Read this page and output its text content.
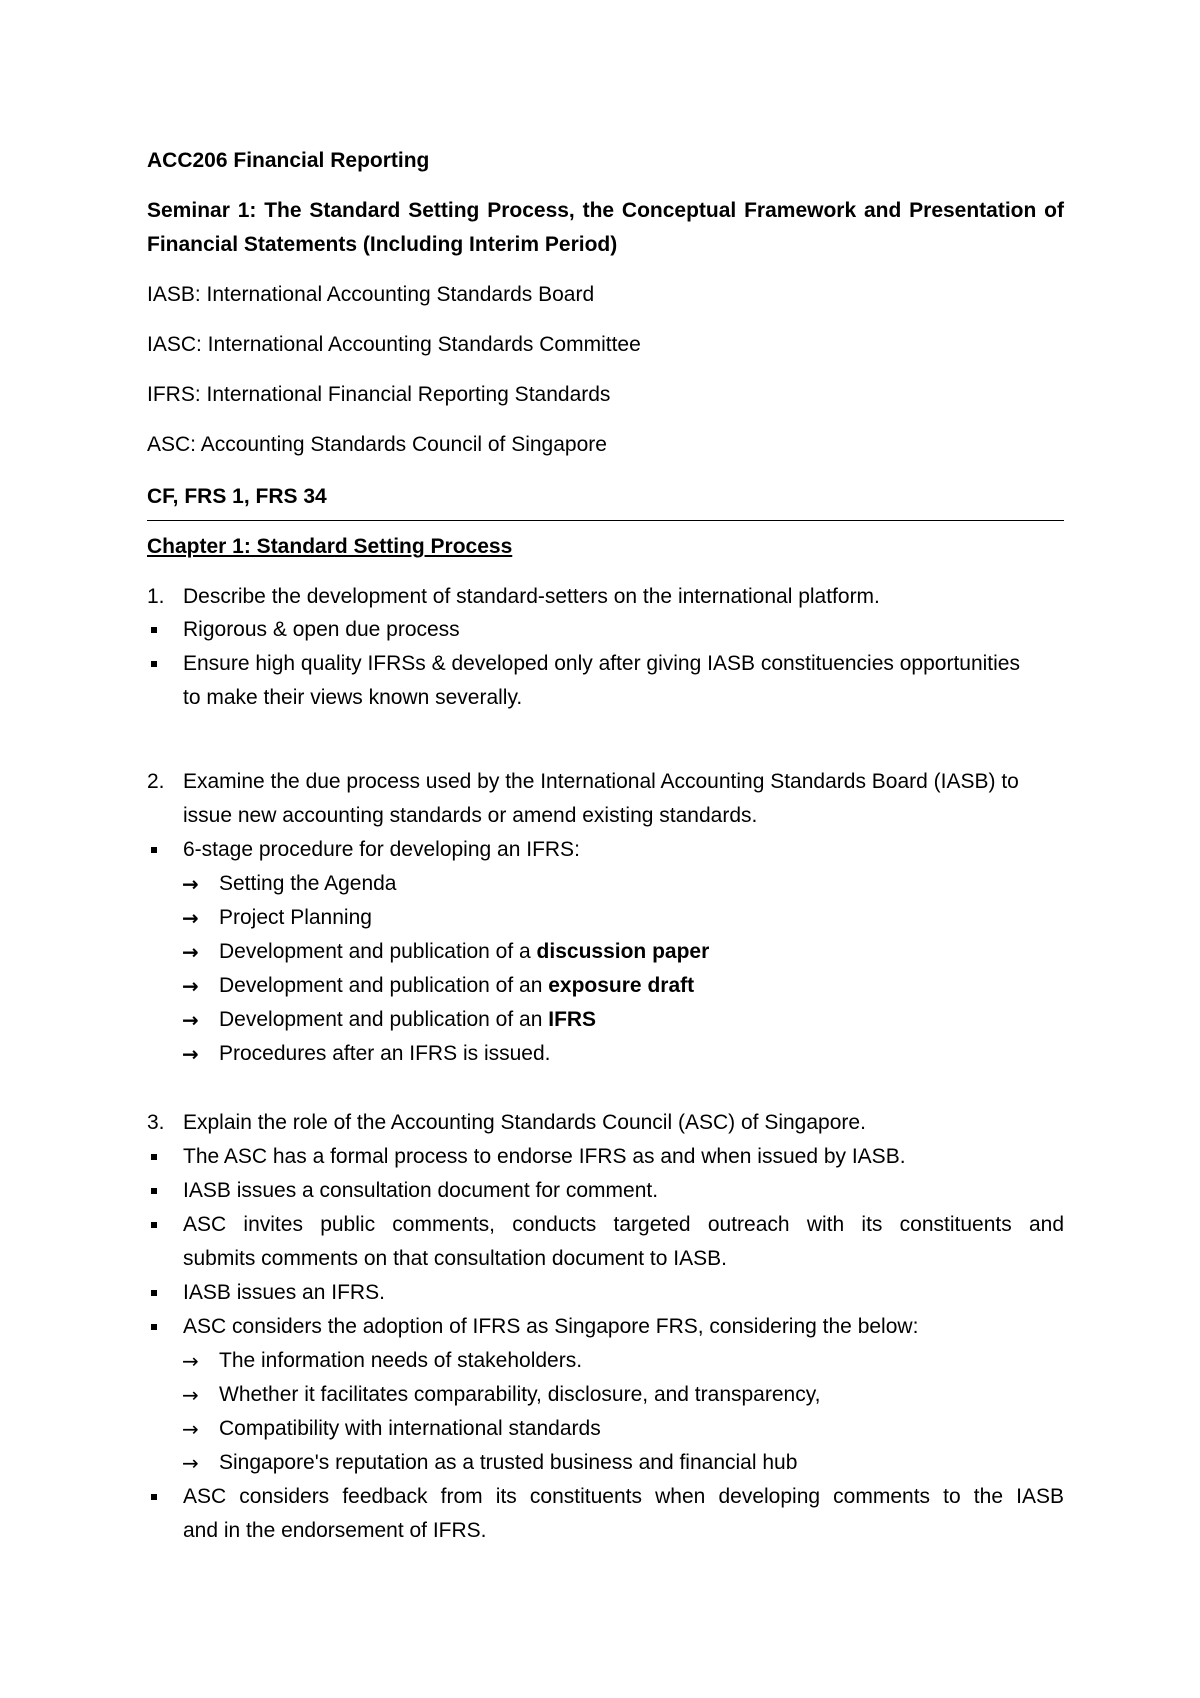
ACC206 Financial Reporting
Seminar 1: The Standard Setting Process, the Conceptual Framework and Presentation of
Financial Statements (Including Interim Period)
IASB: International Accounting Standards Board
IASC: International Accounting Standards Committee
IFRS: International Financial Reporting Standards
ASC: Accounting Standards Council of Singapore
CF, FRS 1, FRS 34
Chapter 1: Standard Setting Process
1. Describe the development of standard-setters on the international platform.
Rigorous & open due process
Ensure high quality IFRSs & developed only after giving IASB constituencies opportunities
to make their views known severally.
2. Examine the due process used by the International Accounting Standards Board (IASB) to
issue new accounting standards or amend existing standards.
6-stage procedure for developing an IFRS:
→ Setting the Agenda
→ Project Planning
→ Development and publication of a discussion paper
→ Development and publication of an exposure draft
→ Development and publication of an IFRS
→ Procedures after an IFRS is issued.
3. Explain the role of the Accounting Standards Council (ASC) of Singapore.
The ASC has a formal process to endorse IFRS as and when issued by IASB.
IASB issues a consultation document for comment.
ASC invites public comments, conducts targeted outreach with its constituents and
submits comments on that consultation document to IASB.
IASB issues an IFRS.
ASC considers the adoption of IFRS as Singapore FRS, considering the below:
→ The information needs of stakeholders.
→ Whether it facilitates comparability, disclosure, and transparency,
→ Compatibility with international standards
→ Singapore's reputation as a trusted business and financial hub
ASC considers feedback from its constituents when developing comments to the IASB
and in the endorsement of IFRS.
